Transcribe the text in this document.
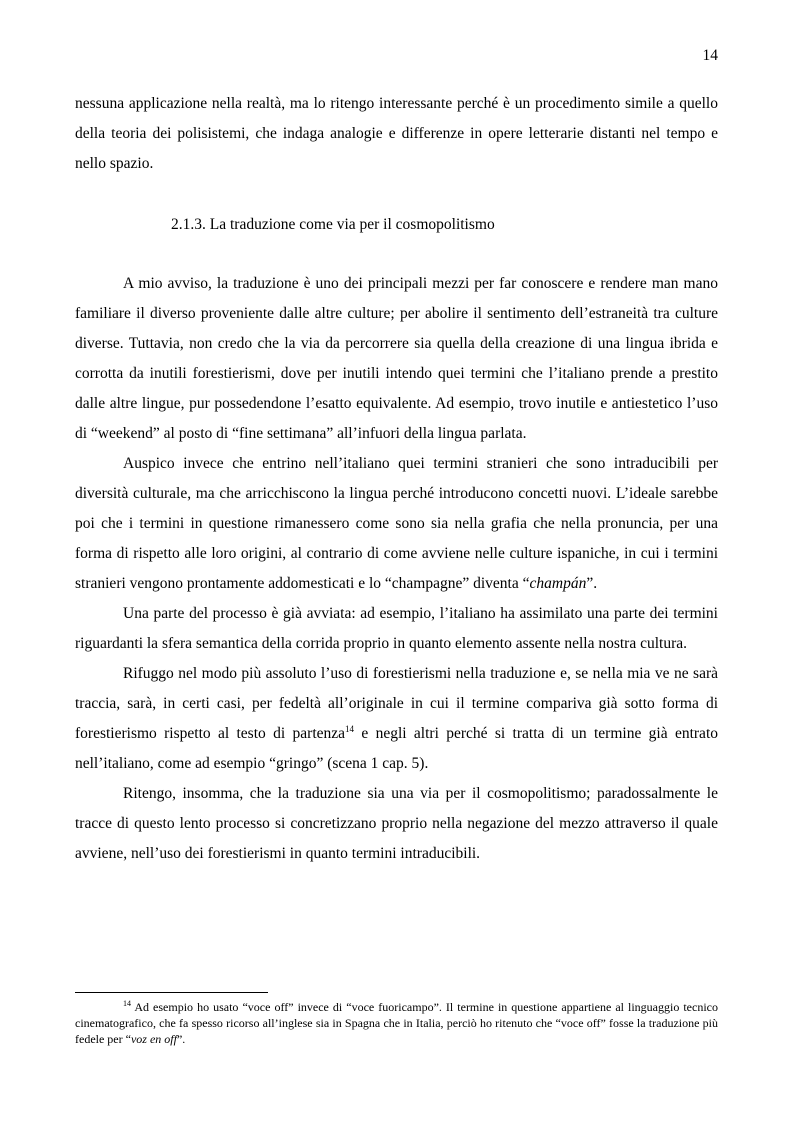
14

nessuna applicazione nella realtà, ma lo ritengo interessante perché è un procedimento simile a quello della teoria dei polisistemi, che indaga analogie e differenze in opere letterarie distanti nel tempo e nello spazio.

2.1.3. La traduzione come via per il cosmopolitismo

A mio avviso, la traduzione è uno dei principali mezzi per far conoscere e rendere man mano familiare il diverso proveniente dalle altre culture; per abolire il sentimento dell’estraneità tra culture diverse. Tuttavia, non credo che la via da percorrere sia quella della creazione di una lingua ibrida e corrotta da inutili forestierismi, dove per inutili intendo quei termini che l’italiano prende a prestito dalle altre lingue, pur possedendone l’esatto equivalente. Ad esempio, trovo inutile e antiestetico l’uso di “weekend” al posto di “fine settimana” all’infuori della lingua parlata.

Auspico invece che entrino nell’italiano quei termini stranieri che sono intraducibili per diversità culturale, ma che arricchiscono la lingua perché introducono concetti nuovi. L’ideale sarebbe poi che i termini in questione rimanessero come sono sia nella grafia che nella pronuncia, per una forma di rispetto alle loro origini, al contrario di come avviene nelle culture ispaniche, in cui i termini stranieri vengono prontamente addomesticati e lo “champagne” diventa “champán”.

Una parte del processo è già avviata: ad esempio, l’italiano ha assimilato una parte dei termini riguardanti la sfera semantica della corrida proprio in quanto elemento assente nella nostra cultura.

Rifuggo nel modo più assoluto l’uso di forestierismi nella traduzione e, se nella mia ve ne sarà traccia, sarà, in certi casi, per fedeltà all’originale in cui il termine compariva già sotto forma di forestierismo rispetto al testo di partenza$^{14}$ e negli altri perché si tratta di un termine già entrato nell’italiano, come ad esempio “gringo” (scena 1 cap. 5).

Ritengo, insomma, che la traduzione sia una via per il cosmopolitismo; paradossalmente le tracce di questo lento processo si concretizzano proprio nella negazione del mezzo attraverso il quale avviene, nell’uso dei forestierismi in quanto termini intraducibili.

$^{14}$ Ad esempio ho usato “voce off” invece di “voce fuoricampo”. Il termine in questione appartiene al linguaggio tecnico cinematografico, che fa spesso ricorso all’inglese sia in Spagna che in Italia, perciò ho ritenuto che “voce off” fosse la traduzione più fedele per “voz en off”.
